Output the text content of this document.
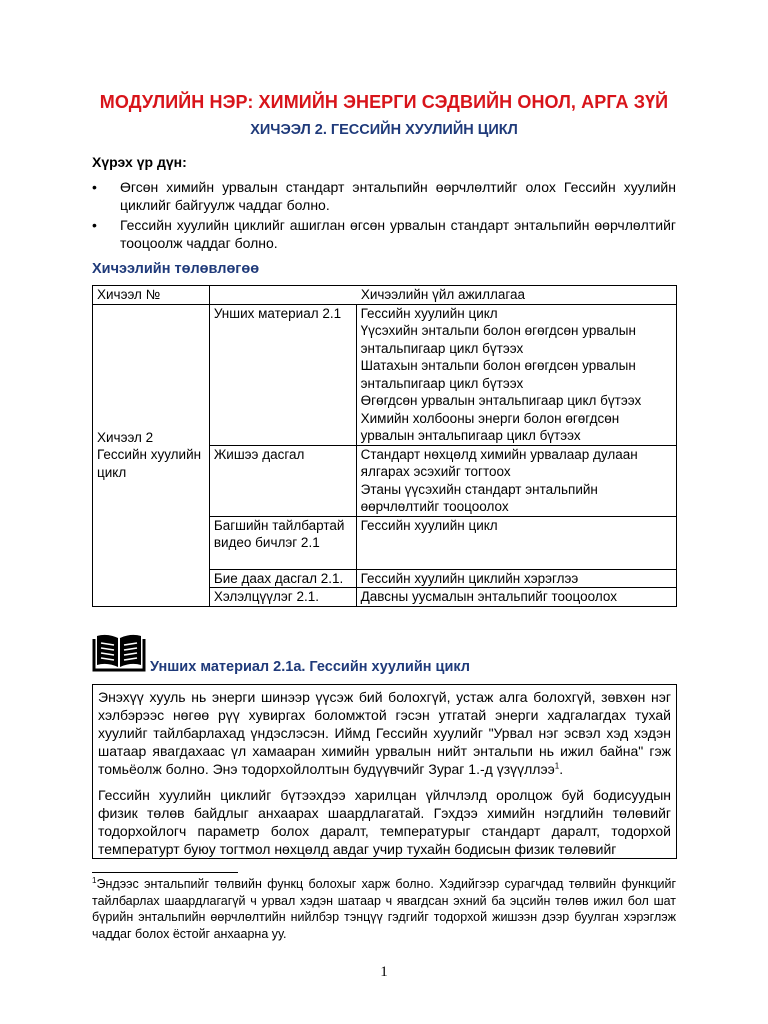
МОДУЛИЙН НЭР: ХИМИЙН ЭНЕРГИ СЭДВИЙН ОНОЛ, АРГА ЗҮЙ
ХИЧЭЭЛ 2. ГЕССИЙН ХУУЛИЙН ЦИКЛ
Хүрэх үр дүн:
• Өгсөн химийн урвалын стандарт энтальпийн өөрчлөлтийг олох Гессийн хуулийн циклийг байгуулж чаддаг болно.
• Гессийн хуулийн циклийг ашиглан өгсөн урвалын стандарт энтальпийн өөрчлөлтийг тооцоолж чаддаг болно.
Хичээлийн төлөвлөгөө
Хичээл №	Хичээлийн үйл ажиллагаа	
Хичээл 2 Гессийн хуулийн цикл	Унших материал 2.1	Гессийн хуулийн цикл
Үүсэхийн энтальпи болон өгөгдсөн урвалын энтальпигаар цикл бүтээх
Шатахын энтальпи болон өгөгдсөн урвалын энтальпигаар цикл бүтээх
Өгөгдсөн урвалын энтальпигаар цикл бүтээх
Химийн холбооны энерги болон өгөгдсөн урвалын энтальпигаар цикл бүтээх

	Жишээ дасгал	Стандарт нөхцөлд химийн урвалаар дулаан ялгарах эсэхийг тогтоох
Этаны үүсэхийн стандарт энтальпийн өөрчлөлтийг тооцоолох

	Багшийн тайлбартай видео бичлэг 2.1	Гессийн хуулийн цикл

	Бие даах дасгал 2.1.	Гессийн хуулийн циклийн хэрэглээ

	Хэлэлцүүлэг 2.1.	Давсны уусмалын энтальпийг тооцоолох
Унших материал 2.1а. Гессийн хуулийн цикл

Энэхүү хууль нь энерги шинээр үүсэж бий болохгүй, устаж алга болохгүй, зөвхөн нэг хэлбэрээс нөгөө рүү хувиргах боломжтой гэсэн утгатай энерги хадгалагдах тухай хуулийг тайлбарлахад үндэслэсэн. Иймд Гессийн хуулийг "Урвал нэг эсвэл хэд хэдэн шатаар явагдахаас үл хамааран химийн урвалын нийт энтальпи нь ижил байна" гэж томьёолж болно. Энэ тодорхойлолтын будүүвчийг Зураг 1.-д үзүүллээ$^1$.

Гессийн хуулийн циклийг бүтээхдээ харилцан үйлчлэлд оролцож буй бодисуудын физик төлөв байдлыг анхаарах шаардлагатай. Гэхдээ химийн нэгдлийн төлөвийг тодорхойлогч параметр болох даралт, температурыг стандарт даралт, тодорхой температурт буюу тогтмол нөхцөлд авдаг учир тухайн бодисын физик төлөвийг

$^1$Эндээс энтальпийг төлвийн функц болохыг харж болно. Хэдийгээр сурагчдад төлвийн функцийг тайлбарлах шаардлагагүй ч урвал хэдэн шатаар ч явагдсан эхний ба эцсийн төлөв ижил бол шат бүрийн энтальпийн өөрчлөлтийн нийлбэр тэнцүү гэдгийг тодорхой жишээн дээр буулган хэрэглэж чаддаг болох ёстойг анхаарна уу.
1
